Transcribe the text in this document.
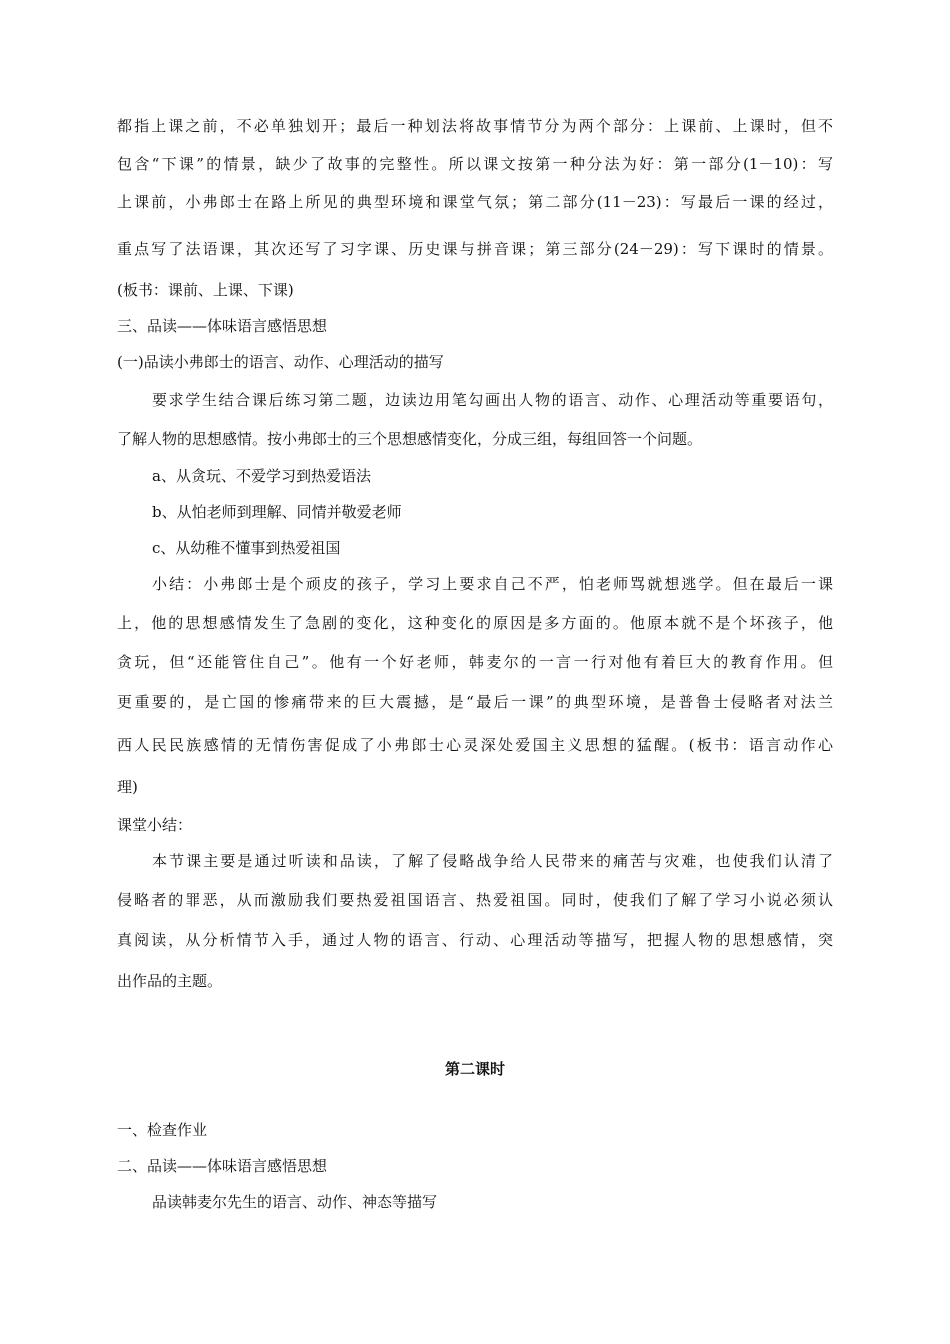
都指上课之前，不必单独划开；最后一种划法将故事情节分为两个部分：上课前、上课时，但不
包含“下课”的情景，缺少了故事的完整性。所以课文按第一种分法为好：第一部分(1－10)：写
上课前，小弗郎士在路上所见的典型环境和课堂气氛；第二部分(11－23)：写最后一课的经过，
重点写了法语课，其次还写了习字课、历史课与拼音课；第三部分(24－29)：写下课时的情景。
(板书：课前、上课、下课)
三、品读——体味语言感悟思想
(一)品读小弗郎士的语言、动作、心理活动的描写
要求学生结合课后练习第二题，边读边用笔勾画出人物的语言、动作、心理活动等重要语句，
了解人物的思想感情。按小弗郎士的三个思想感情变化，分成三组，每组回答一个问题。
a、从贪玩、不爱学习到热爱语法
b、从怕老师到理解、同情并敬爱老师
c、从幼稚不懂事到热爱祖国
小结：小弗郎士是个顽皮的孩子，学习上要求自己不严，怕老师骂就想逃学。但在最后一课
上，他的思想感情发生了急剧的变化，这种变化的原因是多方面的。他原本就不是个坏孩子，他
贪玩，但“还能管住自己”。他有一个好老师，韩麦尔的一言一行对他有着巨大的教育作用。但
更重要的，是亡国的惨痛带来的巨大震撼，是“最后一课”的典型环境，是普鲁士侵略者对法兰
西人民民族感情的无情伤害促成了小弗郎士心灵深处爱国主义思想的猛醒。(板书：语言动作心
理)
课堂小结：
本节课主要是通过听读和品读，了解了侵略战争给人民带来的痛苦与灾难，也使我们认清了
侵略者的罪恶，从而激励我们要热爱祖国语言、热爱祖国。同时，使我们了解了学习小说必须认
真阅读，从分析情节入手，通过人物的语言、行动、心理活动等描写，把握人物的思想感情，突
出作品的主题。
第二课时
一、检查作业
二、品读——体味语言感悟思想
品读韩麦尔先生的语言、动作、神态等描写
